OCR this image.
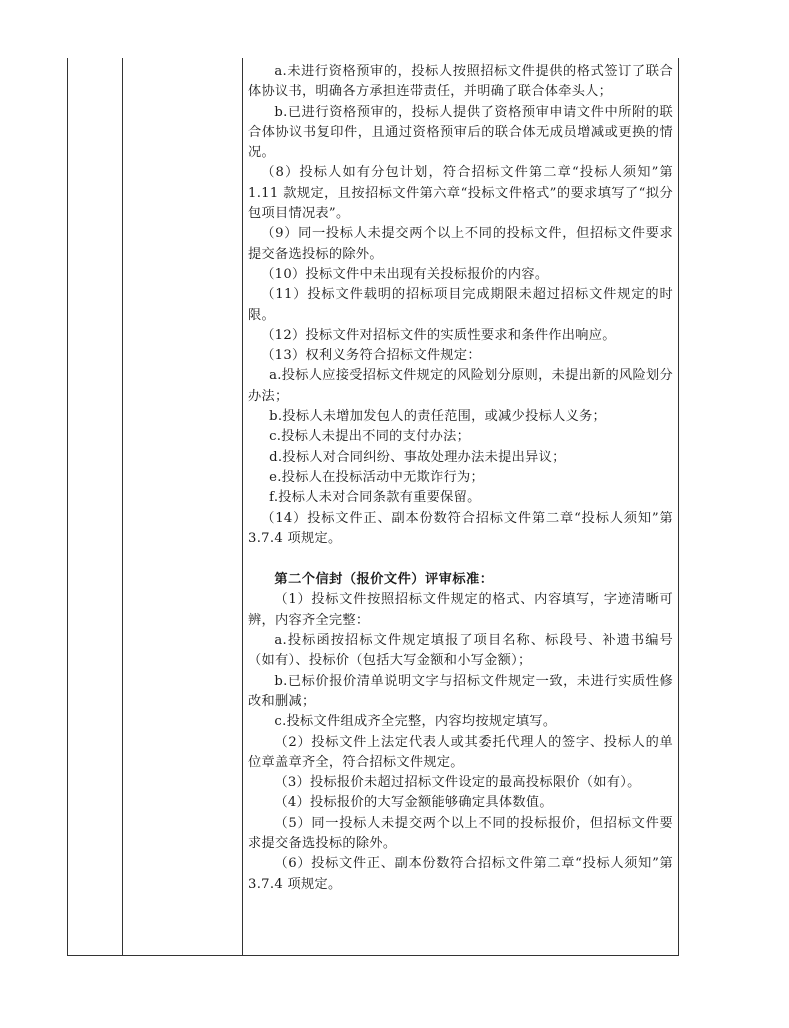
a.未进行资格预审的，投标人按照招标文件提供的格式签订了联合体协议书，明确各方承担连带责任，并明确了联合体牵头人；

b.已进行资格预审的，投标人提供了资格预审申请文件中所附的联合体协议书复印件，且通过资格预审后的联合体无成员增减或更换的情况。

（8）投标人如有分包计划，符合招标文件第二章“投标人须知”第 1.11 款规定，且按招标文件第六章“投标文件格式”的要求填写了“拟分包项目情况表”。

（9）同一投标人未提交两个以上不同的投标文件，但招标文件要求提交备选投标的除外。

（10）投标文件中未出现有关投标报价的内容。

（11）投标文件载明的招标项目完成期限未超过招标文件规定的时限。

（12）投标文件对招标文件的实质性要求和条件作出响应。

（13）权利义务符合招标文件规定：

a.投标人应接受招标文件规定的风险划分原则，未提出新的风险划分办法；

b.投标人未增加发包人的责任范围，或减少投标人义务；

c.投标人未提出不同的支付办法；

d.投标人对合同纠纷、事故处理办法未提出异议；

e.投标人在投标活动中无欺诈行为；

f.投标人未对合同条款有重要保留。

（14）投标文件正、副本份数符合招标文件第二章“投标人须知”第 3.7.4 项规定。

第二个信封（报价文件）评审标准：

（1）投标文件按照招标文件规定的格式、内容填写，字迹清晰可辨，内容齐全完整：

a.投标函按招标文件规定填报了项目名称、标段号、补遗书编号（如有）、投标价（包括大写金额和小写金额）；

b.已标价报价清单说明文字与招标文件规定一致，未进行实质性修改和删减；

c.投标文件组成齐全完整，内容均按规定填写。

（2）投标文件上法定代表人或其委托代理人的签字、投标人的单位章盖章齐全，符合招标文件规定。

（3）投标报价未超过招标文件设定的最高投标限价（如有）。

（4）投标报价的大写金额能够确定具体数值。

（5）同一投标人未提交两个以上不同的投标报价，但招标文件要求提交备选投标的除外。

（6）投标文件正、副本份数符合招标文件第二章“投标人须知”第 3.7.4 项规定。
